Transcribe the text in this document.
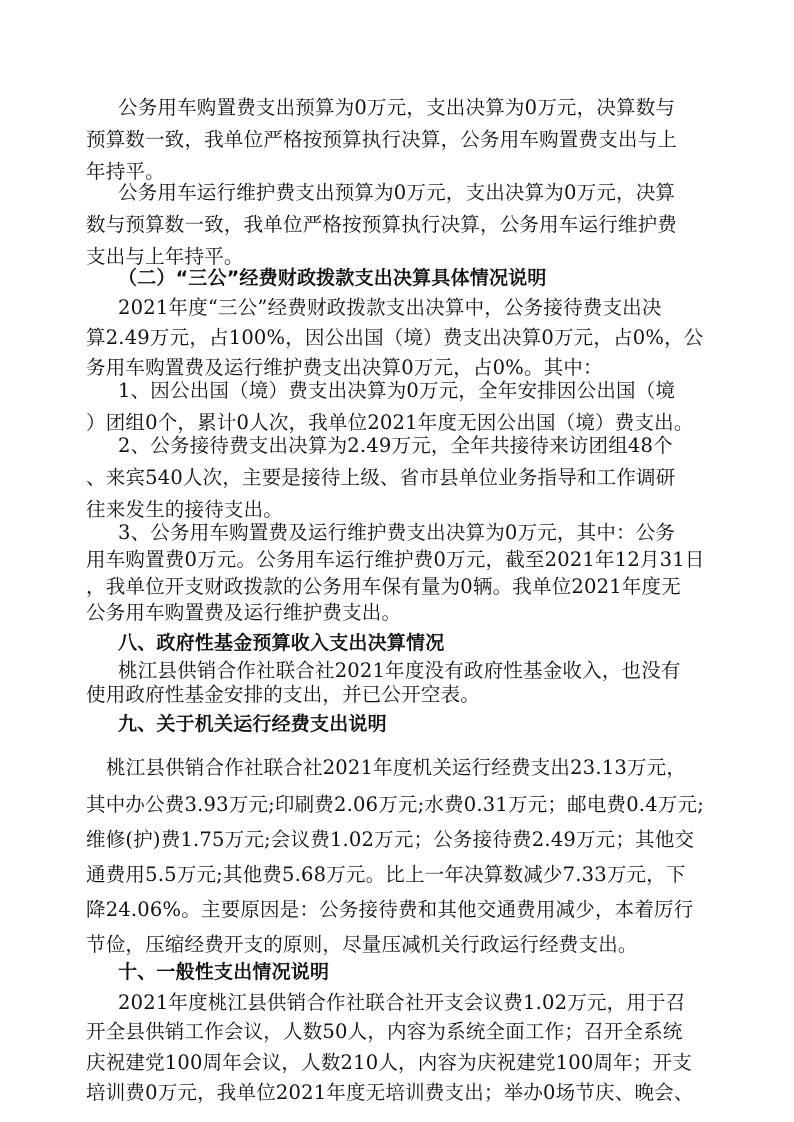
公务用车购置费支出预算为0万元，支出决算为0万元，决算数与
预算数一致，我单位严格按预算执行决算，公务用车购置费支出与上
年持平。
公务用车运行维护费支出预算为0万元，支出决算为0万元，决算
数与预算数一致，我单位严格按预算执行决算，公务用车运行维护费
支出与上年持平。
（二）“三公”经费财政拨款支出决算具体情况说明
2021年度“三公”经费财政拨款支出决算中，公务接待费支出决
算2.49万元，占100%，因公出国（境）费支出决算0万元，占0%，公
务用车购置费及运行维护费支出决算0万元，占0%。其中：
1、因公出国（境）费支出决算为0万元，全年安排因公出国（境
）团组0个，累计0人次，我单位2021年度无因公出国（境）费支出。
2、公务接待费支出决算为2.49万元，全年共接待来访团组48个
、来宾540人次，主要是接待上级、省市县单位业务指导和工作调研
往来发生的接待支出。
3、公务用车购置费及运行维护费支出决算为0万元，其中：公务
用车购置费0万元。公务用车运行维护费0万元，截至2021年12月31日
，我单位开支财政拨款的公务用车保有量为0辆。我单位2021年度无
公务用车购置费及运行维护费支出。
八、政府性基金预算收入支出决算情况
桃江县供销合作社联合社2021年度没有政府性基金收入，也没有
使用政府性基金安排的支出，并已公开空表。
九、关于机关运行经费支出说明
桃江县供销合作社联合社2021年度机关运行经费支出23.13万元，
其中办公费3.93万元;印刷费2.06万元;水费0.31万元；邮电费0.4万元;
维修(护)费1.75万元;会议费1.02万元；公务接待费2.49万元；其他交
通费用5.5万元;其他费5.68万元。比上一年决算数减少7.33万元，下
降24.06%。主要原因是：公务接待费和其他交通费用减少，本着厉行
节俭，压缩经费开支的原则，尽量压减机关行政运行经费支出。
十、一般性支出情况说明
2021年度桃江县供销合作社联合社开支会议费1.02万元，用于召
开全县供销工作会议，人数50人，内容为系统全面工作；召开全系统
庆祝建党100周年会议，人数210人，内容为庆祝建党100周年；开支
培训费0万元，我单位2021年度无培训费支出；举办0场节庆、晚会、
